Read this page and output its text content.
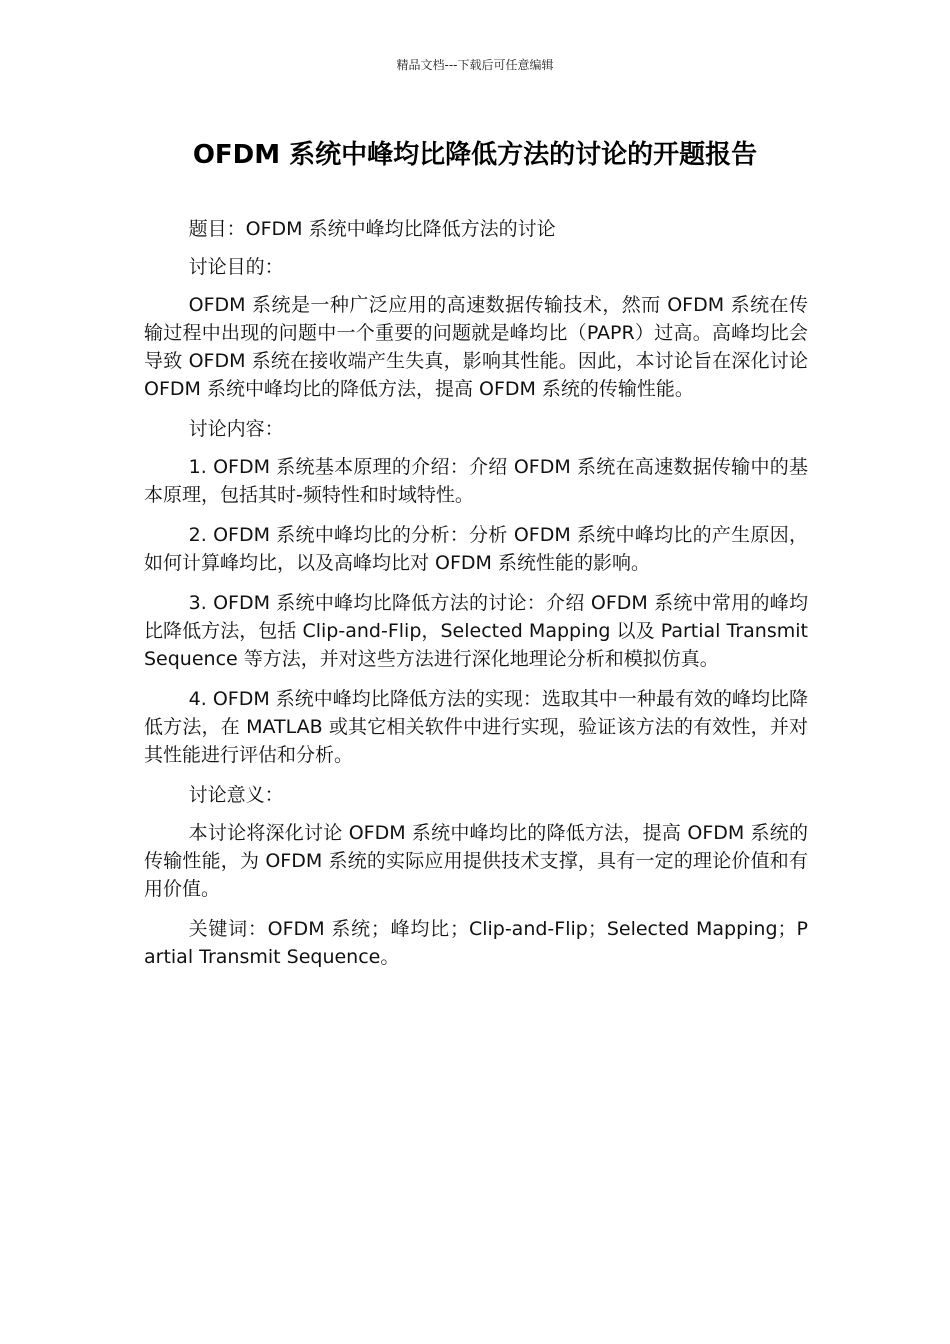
精品文档---下载后可任意编辑
OFDM 系统中峰均比降低方法的讨论的开题报告

题目：OFDM 系统中峰均比降低方法的讨论

讨论目的：

OFDM 系统是一种广泛应用的高速数据传输技术，然而 OFDM 系统在传输过程中出现的问题中一个重要的问题就是峰均比（PAPR）过高。高峰均比会导致 OFDM 系统在接收端产生失真，影响其性能。因此，本讨论旨在深化讨论 OFDM 系统中峰均比的降低方法，提高 OFDM 系统的传输性能。

讨论内容：

1. OFDM 系统基本原理的介绍：介绍 OFDM 系统在高速数据传输中的基本原理，包括其时-频特性和时域特性。

2. OFDM 系统中峰均比的分析：分析 OFDM 系统中峰均比的产生原因，如何计算峰均比，以及高峰均比对 OFDM 系统性能的影响。

3. OFDM 系统中峰均比降低方法的讨论：介绍 OFDM 系统中常用的峰均比降低方法，包括 Clip-and-Flip，Selected Mapping 以及 Partial Transmit Sequence 等方法，并对这些方法进行深化地理论分析和模拟仿真。

4. OFDM 系统中峰均比降低方法的实现：选取其中一种最有效的峰均比降低方法，在 MATLAB 或其它相关软件中进行实现，验证该方法的有效性，并对其性能进行评估和分析。

讨论意义：

本讨论将深化讨论 OFDM 系统中峰均比的降低方法，提高 OFDM 系统的传输性能，为 OFDM 系统的实际应用提供技术支撑，具有一定的理论价值和有用价值。

关键词：OFDM 系统；峰均比；Clip-and-Flip；Selected Mapping；Partial Transmit Sequence。
